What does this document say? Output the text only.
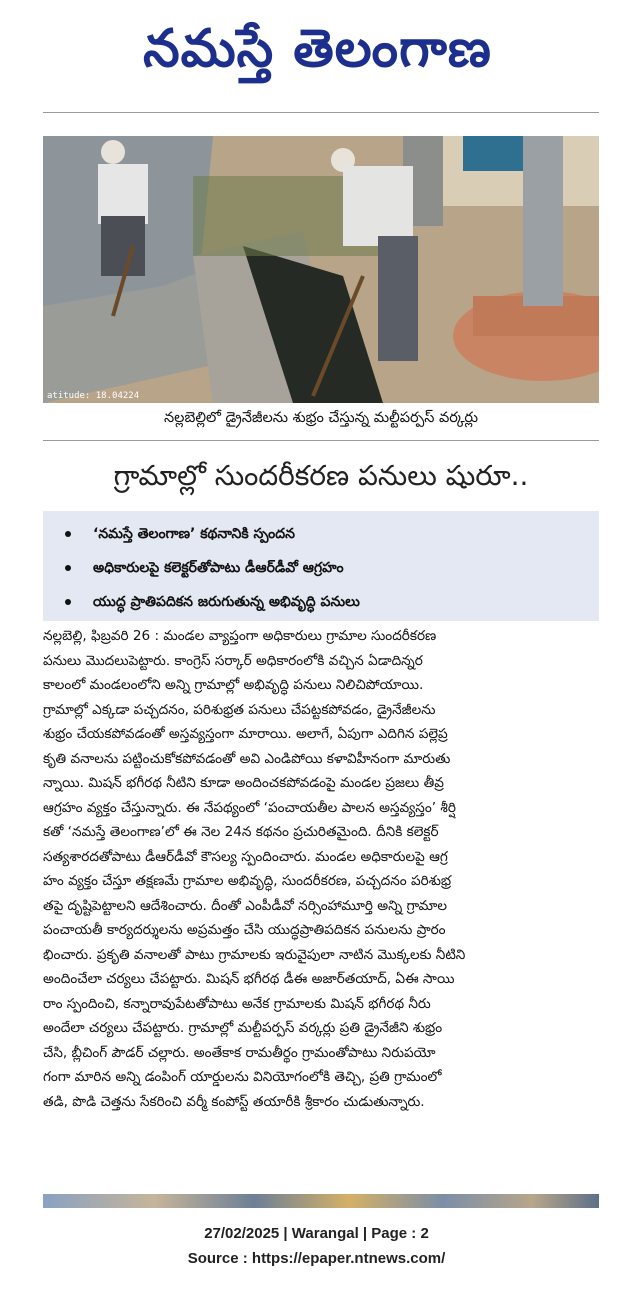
నమస్తే తెలంగాణ
atitude: 18.04224
నల్లబెల్లిలో డ్రైనేజీలను శుభ్రం చేస్తున్న మల్టీపర్పస్ వర్కర్లు
గ్రామాల్లో సుందరీకరణ పనులు షురూ..
‘నమస్తే తెలంగాణ’ కథనానికి స్పందన
అధికారులపై కలెక్టర్‌తోపాటు డీఆర్‌డీవో ఆగ్రహం
యుద్ధ ప్రాతిపదికన జరుగుతున్న అభివృద్ధి పనులు
నల్లబెల్లి, ఫిబ్రవరి 26 : మండల వ్యాప్తంగా అధికారులు గ్రామాల సుందరీకరణ
పనులు మొదలుపెట్టారు. కాంగ్రెస్ సర్కార్ అధికారంలోకి వచ్చిన ఏడాదిన్నర
కాలంలో మండలంలోని అన్ని గ్రామాల్లో అభివృద్ధి పనులు నిలిచిపోయాయి.
గ్రామాల్లో ఎక్కడా పచ్చదనం, పరిశుభ్రత పనులు చేపట్టకపోవడం, డ్రైనేజీలను
శుభ్రం చేయకపోవడంతో అస్తవ్యస్తంగా మారాయి. అలాగే, ఏపుగా ఎదిగిన పల్లెప్ర
కృతి వనాలను పట్టించుకోకపోవడంతో అవి ఎండిపోయి కళావిహీనంగా మారుతు
న్నాయి. మిషన్ భగీరథ నీటిని కూడా అందించకపోవడంపై మండల ప్రజలు తీవ్ర
ఆగ్రహం వ్యక్తం చేస్తున్నారు. ఈ నేపథ్యంలో ‘పంచాయతీల పాలన అస్తవ్యస్తం’ శీర్షి
కతో ‘నమస్తే తెలంగాణ’లో ఈ నెల 24న కథనం ప్రచురితమైంది. దీనికి కలెక్టర్
సత్యశారదతోపాటు డీఆర్‌డీవో కౌసల్య స్పందించారు. మండల అధికారులపై ఆగ్ర
హం వ్యక్తం చేస్తూ తక్షణమే గ్రామాల అభివృద్ధి, సుందరీకరణ, పచ్చదనం పరిశుభ్ర
తపై దృష్టిపెట్టాలని ఆదేశించారు. దీంతో ఎంపీడీవో నర్సింహామూర్తి అన్ని గ్రామాల
పంచాయతీ కార్యదర్శులను అప్రమత్తం చేసి యుద్ధప్రాతిపదికన పనులను ప్రారం
భించారు. ప్రకృతి వనాలతో పాటు గ్రామాలకు ఇరువైపులా నాటిన మొక్కలకు నీటిని
అందించేలా చర్యలు చేపట్టారు. మిషన్ భగీరథ డీఈ అజార్‌తయాద్, ఏఈ సాయి
రాం స్పందించి, కన్నారావుపేటతోపాటు అనేక గ్రామాలకు మిషన్ భగీరథ నీరు
అందేలా చర్యలు చేపట్టారు. గ్రామాల్లో మల్టీపర్పస్ వర్కర్లు ప్రతి డ్రైనేజీని శుభ్రం
చేసి, బ్లీచింగ్ పౌడర్ చల్లారు. అంతేకాక రామతీర్థం గ్రామంతోపాటు నిరుపయో
గంగా మారిన అన్ని డంపింగ్ యార్డులను వినియోగంలోకి తెచ్చి, ప్రతి గ్రామంలో
తడి, పొడి చెత్తను సేకరించి వర్మీ కంపోస్ట్ తయారీకి శ్రీకారం చుడుతున్నారు.
27/02/2025 | Warangal | Page : 2
Source : https://epaper.ntnews.com/
